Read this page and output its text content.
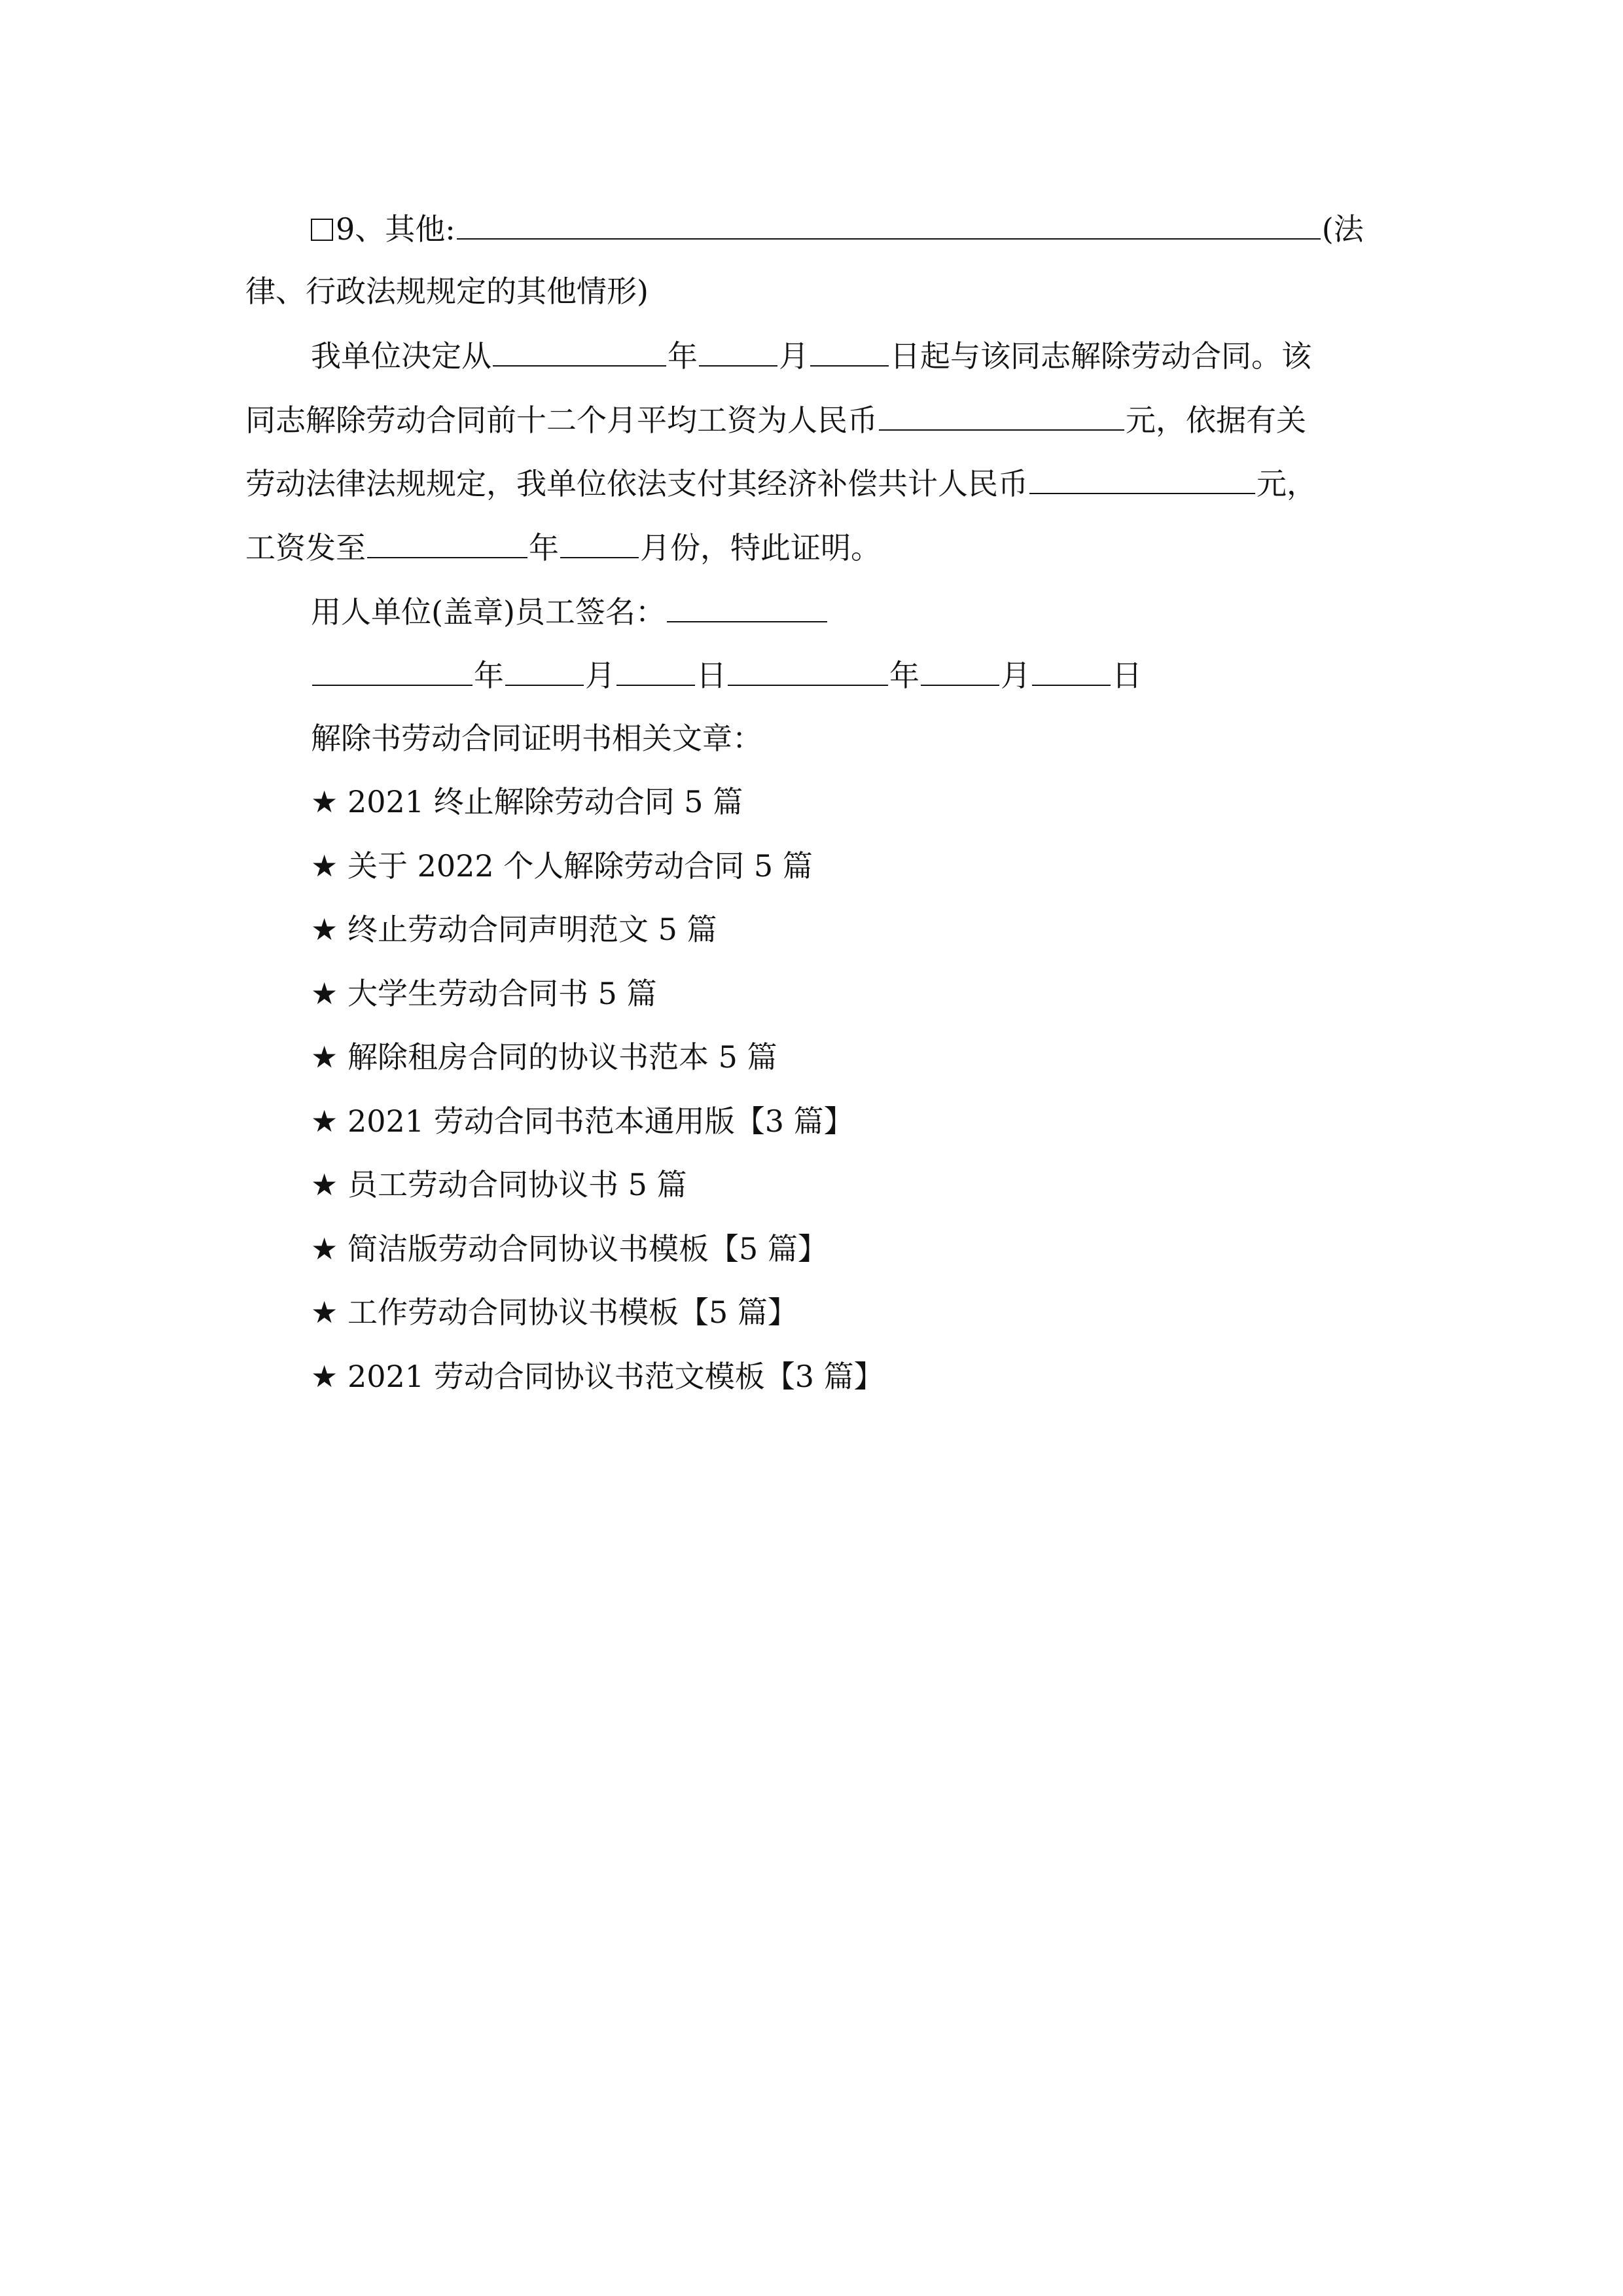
9、其他:	(法
律、行政法规规定的其他情形)
我单位决定从	年	月	日起与该同志解除劳动合同。该
同志解除劳动合同前十二个月平均工资为人民币	元，依据有关
劳动法律法规规定，我单位依法支付其经济补偿共计人民币	元，
工资发至	年	月份，特此证明。
用人单位(盖章)员工签名：
年	月	日	年	月	日
解除书劳动合同证明书相关文章：
★ 2021 终止解除劳动合同 5 篇
★ 关于 2022 个人解除劳动合同 5 篇
★ 终止劳动合同声明范文 5 篇
★ 大学生劳动合同书 5 篇
★ 解除租房合同的协议书范本 5 篇
★ 2021 劳动合同书范本通用版【3 篇】
★ 员工劳动合同协议书 5 篇
★ 简洁版劳动合同协议书模板【5 篇】
★ 工作劳动合同协议书模板【5 篇】
★ 2021 劳动合同协议书范文模板【3 篇】
